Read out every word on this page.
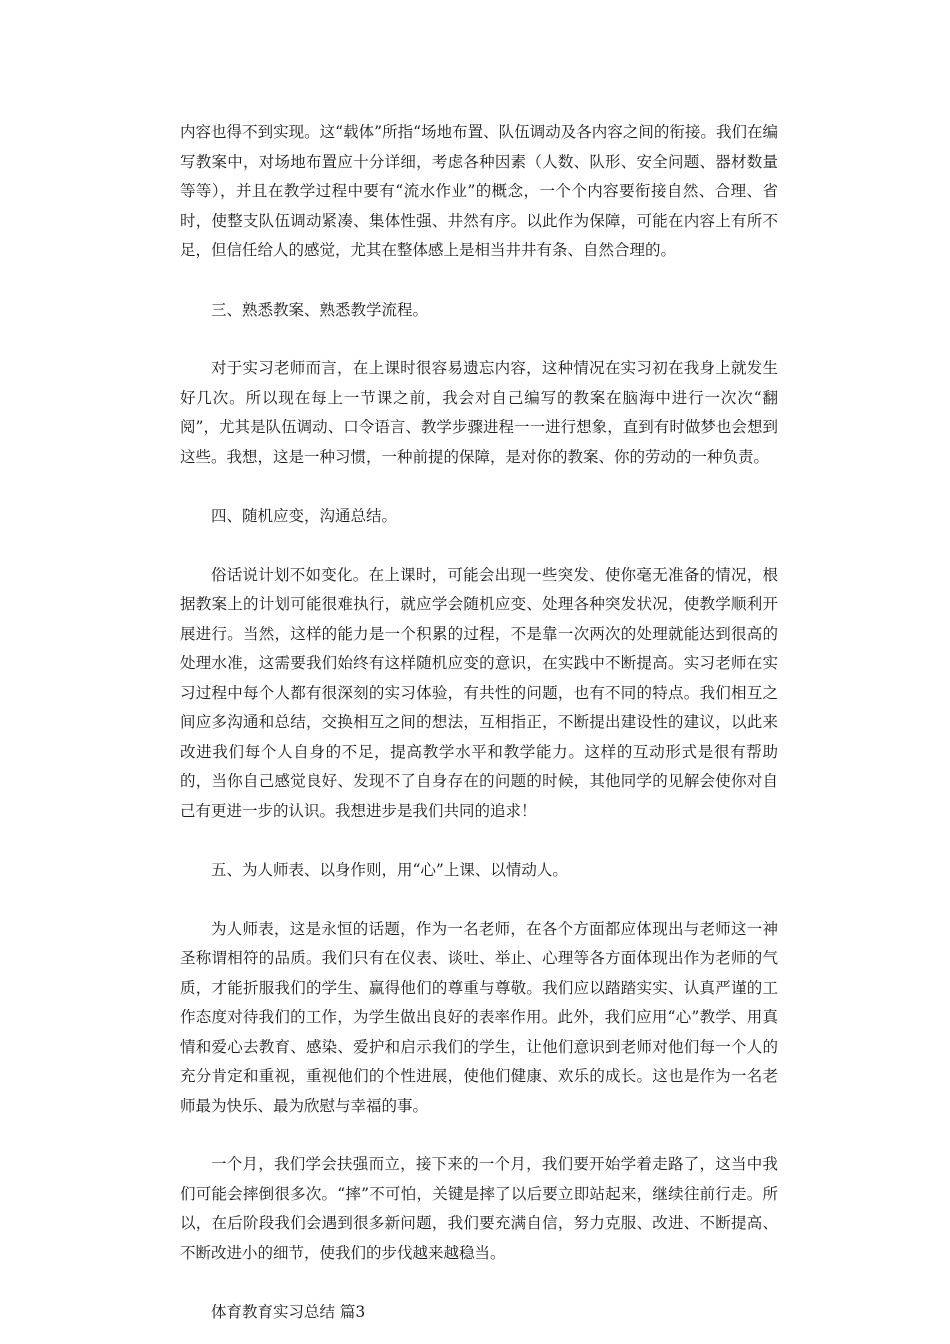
内容也得不到实现。这“载体”所指“场地布置、队伍调动及各内容之间的衔接。我们在编写教案中，对场地布置应十分详细，考虑各种因素（人数、队形、安全问题、器材数量等等），并且在教学过程中要有“流水作业”的概念，一个个内容要衔接自然、合理、省时，使整支队伍调动紧凑、集体性强、井然有序。以此作为保障，可能在内容上有所不足，但信任给人的感觉，尤其在整体感上是相当井井有条、自然合理的。

三、熟悉教案、熟悉教学流程。

对于实习老师而言，在上课时很容易遗忘内容，这种情况在实习初在我身上就发生好几次。所以现在每上一节课之前，我会对自己编写的教案在脑海中进行一次次“翻阅”，尤其是队伍调动、口令语言、教学步骤进程一一进行想象，直到有时做梦也会想到这些。我想，这是一种习惯，一种前提的保障，是对你的教案、你的劳动的一种负责。

四、随机应变，沟通总结。

俗话说计划不如变化。在上课时，可能会出现一些突发、使你毫无准备的情况，根据教案上的计划可能很难执行，就应学会随机应变、处理各种突发状况，使教学顺利开展进行。当然，这样的能力是一个积累的过程，不是靠一次两次的处理就能达到很高的处理水准，这需要我们始终有这样随机应变的意识，在实践中不断提高。实习老师在实习过程中每个人都有很深刻的实习体验，有共性的问题，也有不同的特点。我们相互之间应多沟通和总结，交换相互之间的想法，互相指正，不断提出建设性的建议，以此来改进我们每个人自身的不足，提高教学水平和教学能力。这样的互动形式是很有帮助的，当你自己感觉良好、发现不了自身存在的问题的时候，其他同学的见解会使你对自己有更进一步的认识。我想进步是我们共同的追求！

五、为人师表、以身作则，用“心”上课、以情动人。

为人师表，这是永恒的话题，作为一名老师，在各个方面都应体现出与老师这一神圣称谓相符的品质。我们只有在仪表、谈吐、举止、心理等各方面体现出作为老师的气质，才能折服我们的学生、赢得他们的尊重与尊敬。我们应以踏踏实实、认真严谨的工作态度对待我们的工作，为学生做出良好的表率作用。此外，我们应用“心”教学、用真情和爱心去教育、感染、爱护和启示我们的学生，让他们意识到老师对他们每一个人的充分肯定和重视，重视他们的个性进展，使他们健康、欢乐的成长。这也是作为一名老师最为快乐、最为欣慰与幸福的事。

一个月，我们学会扶强而立，接下来的一个月，我们要开始学着走路了，这当中我们可能会摔倒很多次。“摔”不可怕，关键是摔了以后要立即站起来，继续往前行走。所以，在后阶段我们会遇到很多新问题，我们要充满自信，努力克服、改进、不断提高、不断改进小的细节，使我们的步伐越来越稳当。

体育教育实习总结 篇3
